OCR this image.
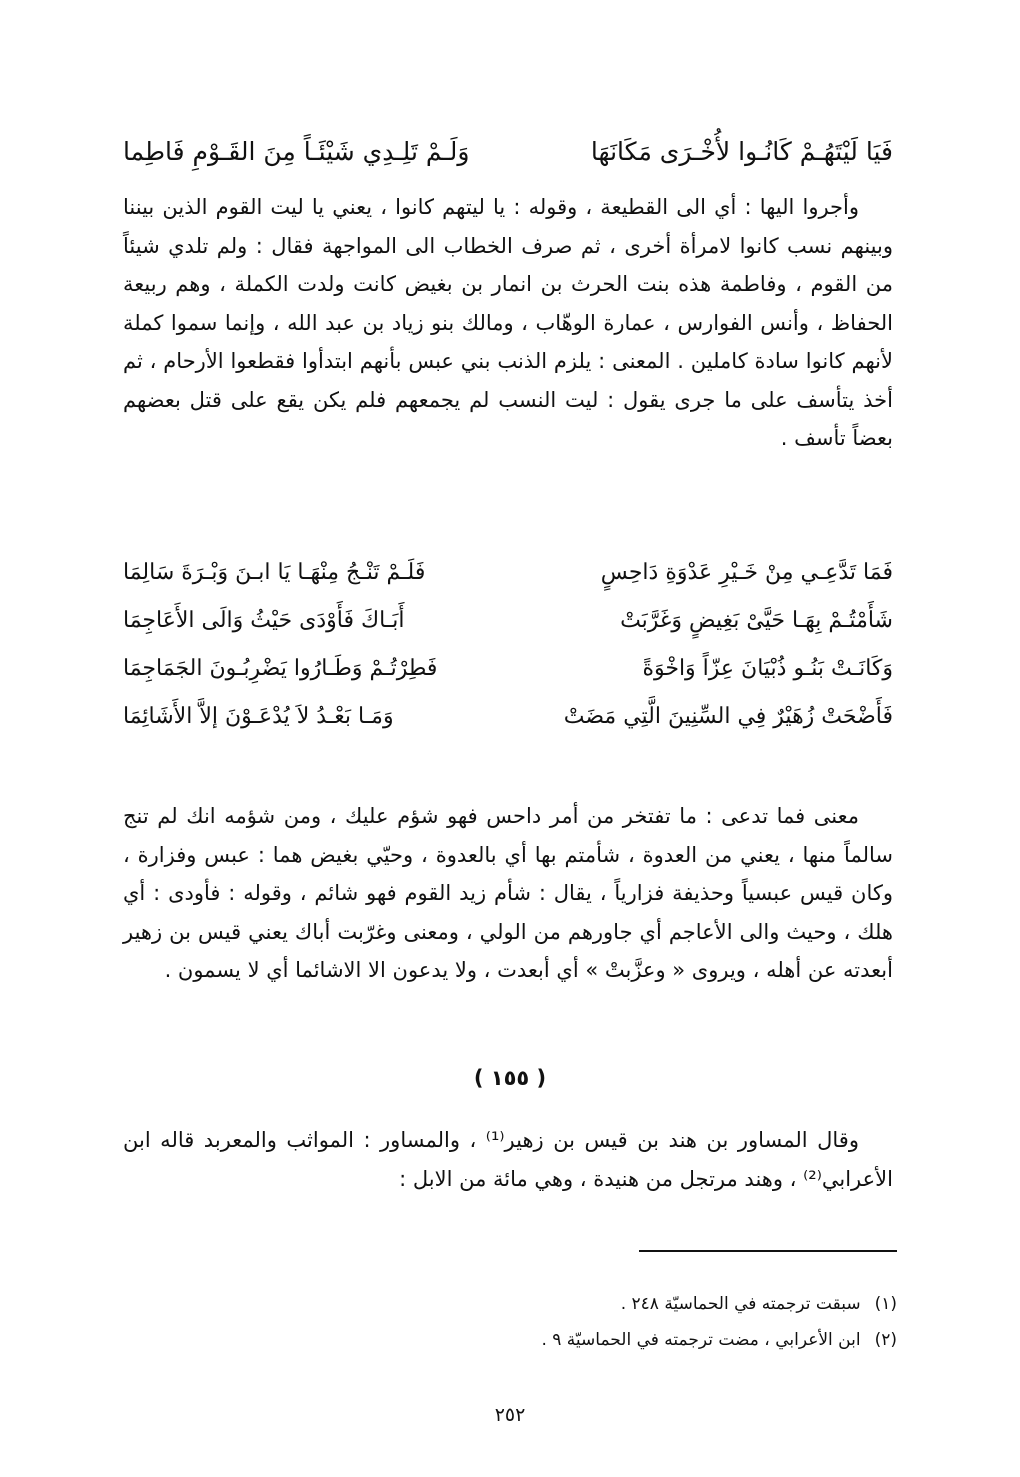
فَيَا لَيْتَهُـمْ كَانُـوا لأُخْـرَى مَكَانَهَا
وَلَـمْ تَلِـدِي شَيْئَـاً مِنَ القَـوْمِ فَاطِما

وأجروا اليها : أي الى القطيعة ، وقوله : يا ليتهم كانوا ، يعني يا ليت القوم الذين بيننا وبينهم نسب كانوا لامرأة أخرى ، ثم صرف الخطاب الى المواجهة فقال : ولم تلدي شيئاً من القوم ، وفاطمة هذه بنت الحرث بن انمار بن بغيض كانت ولدت الكملة ، وهم ربيعة الحفاظ ، وأنس الفوارس ، عمارة الوهّاب ، ومالك بنو زياد بن عبد الله ، وإنما سموا كملة لأنهم كانوا سادة كاملين . المعنى : يلزم الذنب بني عبس بأنهم ابتدأوا فقطعوا الأرحام ، ثم أخذ يتأسف على ما جرى يقول : ليت النسب لم يجمعهم فلم يكن يقع على قتل بعضهم بعضاً تأسف .

فَمَا تَدَّعِـي مِنْ خَـيْرِ عَدْوَةِ دَاحِسٍ
فَلَـمْ تَنْـجُ مِنْهَـا يَا ابـنَ وَبْـرَةَ سَالِمَا
شَأَمْتُـمْ بِهَـا حَيَّىْ بَغِيضٍ وَغَرَّبَتْ
أَبَـاكَ فَأَوْدَى حَيْثُ وَالَى الأَعَاجِمَا
وَكَانَـتْ بَنُـو ذُبْيَانَ عِزّاً وَاخْوَةً
فَطِرْتُـمْ وَطَـارُوا يَضْرِبُـونَ الجَمَاجِمَا
فَأَضْحَتْ زُهَيْرٌ فِي السِّنِينَ الَّتِي مَضَتْ
وَمَـا بَعْـدُ لاَ يُدْعَـوْنَ إلاَّ الأَشَائِمَا

معنى فما تدعى : ما تفتخر من أمر داحس فهو شؤم عليك ، ومن شؤمه انك لم تنج سالماً منها ، يعني من العدوة ، شأمتم بها أي بالعدوة ، وحيّي بغيض هما : عبس وفزارة ، وكان قيس عبسياً وحذيفة فزارياً ، يقال : شأم زيد القوم فهو شائم ، وقوله : فأودى : أي هلك ، وحيث والى الأعاجم أي جاورهم من الولي ، ومعنى وغرّبت أباك يعني قيس بن زهير أبعدته عن أهله ، ويروى « وعزَّبتْ » أي أبعدت ، ولا يدعون الا الاشائما أي لا يسمون .

( ١٥٥ )

وقال المساور بن هند بن قيس بن زهير⁽¹⁾ ، والمساور : المواثب والمعربد قاله ابن الأعرابي⁽²⁾ ، وهند مرتجل من هنيدة ، وهي مائة من الابل :

(١)سبقت ترجمته في الحماسيّة ٢٤٨ .
(٢)ابن الأعرابي ، مضت ترجمته في الحماسيّة ٩ .
٢٥٢
